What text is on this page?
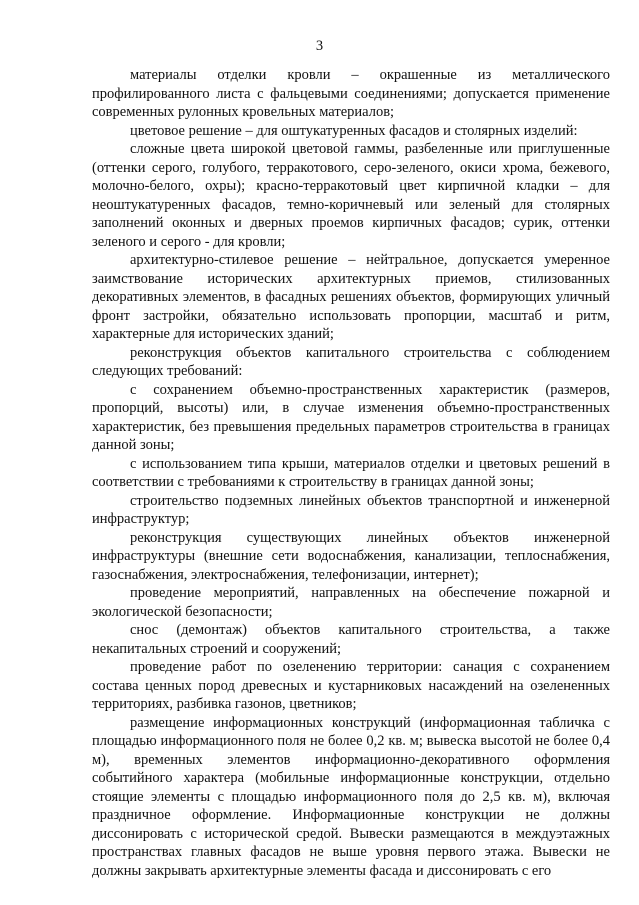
3

материалы отделки кровли – окрашенные из металлического профилированного листа с фальцевыми соединениями; допускается применение современных рулонных кровельных материалов;

цветовое решение – для оштукатуренных фасадов и столярных изделий:

сложные цвета широкой цветовой гаммы, разбеленные или приглушенные (оттенки серого, голубого, терракотового, серо-зеленого, окиси хрома, бежевого, молочно-белого, охры); красно-терракотовый цвет кирпичной кладки – для неоштукатуренных фасадов, темно-коричневый или зеленый для столярных заполнений оконных и дверных проемов кирпичных фасадов; сурик, оттенки зеленого и серого - для кровли;

архитектурно-стилевое решение – нейтральное, допускается умеренное заимствование исторических архитектурных приемов, стилизованных декоративных элементов, в фасадных решениях объектов, формирующих уличный фронт застройки, обязательно использовать пропорции, масштаб и ритм, характерные для исторических зданий;

реконструкция объектов капитального строительства с соблюдением следующих требований:

с сохранением объемно-пространственных характеристик (размеров, пропорций, высоты) или, в случае изменения объемно-пространственных характеристик, без превышения предельных параметров строительства в границах данной зоны;

с использованием типа крыши, материалов отделки и цветовых решений в соответствии с требованиями к строительству в границах данной зоны;

строительство подземных линейных объектов транспортной и инженерной инфраструктур;

реконструкция существующих линейных объектов инженерной инфраструктуры (внешние сети водоснабжения, канализации, теплоснабжения, газоснабжения, электроснабжения, телефонизации, интернет);

проведение мероприятий, направленных на обеспечение пожарной и экологической безопасности;

снос (демонтаж) объектов капитального строительства, а также некапитальных строений и сооружений;

проведение работ по озеленению территории: санация с сохранением состава ценных пород древесных и кустарниковых насаждений на озелененных территориях, разбивка газонов, цветников;

размещение информационных конструкций (информационная табличка с площадью информационного поля не более 0,2 кв. м; вывеска высотой не более 0,4 м), временных элементов информационно-декоративного оформления событийного характера (мобильные информационные конструкции, отдельно стоящие элементы с площадью информационного поля до 2,5 кв. м), включая праздничное оформление. Информационные конструкции не должны диссонировать с исторической средой. Вывески размещаются в междуэтажных пространствах главных фасадов не выше уровня первого этажа. Вывески не должны закрывать архитектурные элементы фасада и диссонировать с его
